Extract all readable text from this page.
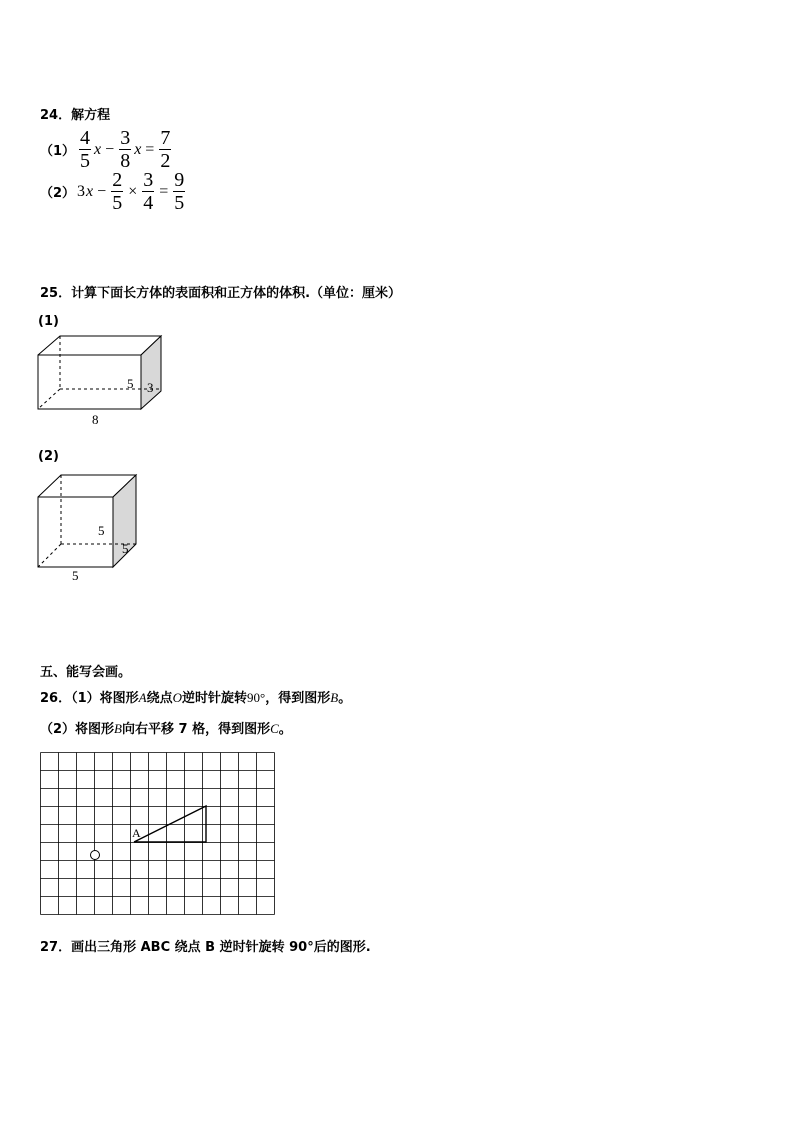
24．解方程
$(1) \frac{4}{5}$ $x - \frac{3}{8}$ $x = \frac{7}{2}$
（2） 3 $x - \frac{2}{5} \times \frac{3}{4} = \frac{9}{5}$
25．计算下面长方体的表面积和正方体的体积.（单位：厘米）
(1)
8
5 3
(2)
5
5
5
五、能写会画。
26．（1）将图形A绕点O逆时针旋转90°，得到图形B。
（2）将图形B向右平移 7 格，得到图形C。
A
27．画出三角形 ABC 绕点 B 逆时针旋转 90°后的图形.
